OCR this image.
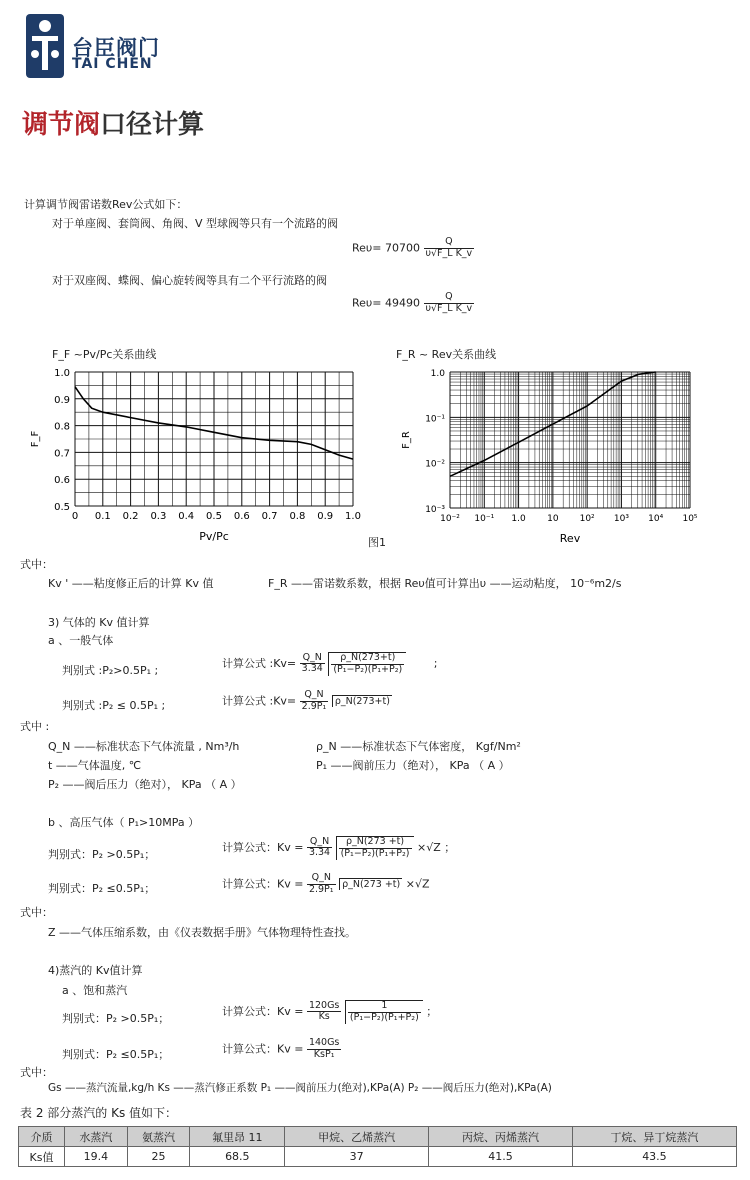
台臣阀门
TAI CHEN
调节阀口径计算
计算调节阀雷诺数Rev公式如下：
对于单座阀、套筒阀、角阀、V 型球阀等只有一个流路的阀
$Re\upsilon= 70700 \frac{Q}{\text{υ√F\_L K\_v}}$
对于双座阀、蝶阀、偏心旋转阀等具有二个平行流路的阀
$Re\upsilon= 49490 \frac{Q}{\text{υ√F\_L K\_v}}$
F_F ~Pv/Pc关系曲线
0 0.1 0.2 0.3 0.4 0.5 0.6 0.7 0.8 0.9 1.0
0.5
0.6
0.7
0.8
0.9
1.0
Pv/Pc
F_F
F_R ~ Rev关系曲线
10⁻² 10⁻¹ 1.0 10 10² 10³ 10⁴ 10⁵
10⁻³
10⁻²
10⁻¹
1.0
Rev
F_R
图1
式中：
Kv ' ——粘度修正后的计算 Kv 值	F_R ——雷诺数系数，根据 Reυ值可计算出υ ——运动粘度， 10⁻⁶m2/s
3) 气体的 Kv 值计算
a 、一般气体
判别式 :P₂>0.5P₁ ;
计算公式 :Kv= $\frac{Q\_N}{3.34}$
$\frac{\rho\_N(273+t)}{\text{(P₁−P₂)(P₁+P₂)}}$	;
判别式 :P₂ ≤ 0.5P₁ ;	计算公式 :Kv= $\frac{Q\_N}{\text{2.9P₁}}$ ρ_N(273+t)
式中 :
Q_N ——标准状态下气体流量 , Nm³/h	ρ_N ——标准状态下气体密度， Kgf/Nm²
t ——气体温度, ℃	P₁ ——阀前压力（绝对）， KPa （ A ）
P₂ ——阀后压力（绝对）， KPa （ A ）
b 、高压气体（ P₁>10MPa ）
判别式：P₂ >0.5P₁；
计算公式：$Kv = \frac{Q\_N}{3.34}$
$\frac{\rho\_N(273 +t)}{\text{(P₁−P₂)(P₁+P₂)}} \times√Z$ ；
判别式：P₂ ≤0.5P₁；	计算公式：$Kv = \frac{Q\_N}{\text{2.9P₁}}$ ρ_N(273 +t) ×√Z
式中：
Z ——气体压缩系数，由《仪表数据手册》气体物理特性查找。
4)蒸汽的 Kv值计算
a 、饱和蒸汽
判别式：P₂ >0.5P₁；
计算公式：$Kv = \frac{120Gs}{Ks}$
$\frac{1}{\text{(P₁−P₂)(P₁+P₂)}}$ ；
判别式：P₂ ≤0.5P₁；	计算公式：$Kv = \frac{140Gs}{\text{KsP₁}}$
式中：
Gs ——蒸汽流量,kg/h Ks ——蒸汽修正系数 P₁ ——阀前压力(绝对),KPa(A) P₂ ——阀后压力(绝对),KPa(A)
表 2 部分蒸汽的 Ks 值如下：
介质	水蒸汽	氨蒸汽	氟里昂 11	甲烷、乙烯蒸汽	丙烷、丙烯蒸汽	丁烷、异丁烷蒸汽
Ks值	19.4	25	68.5	37	41.5	43.5
